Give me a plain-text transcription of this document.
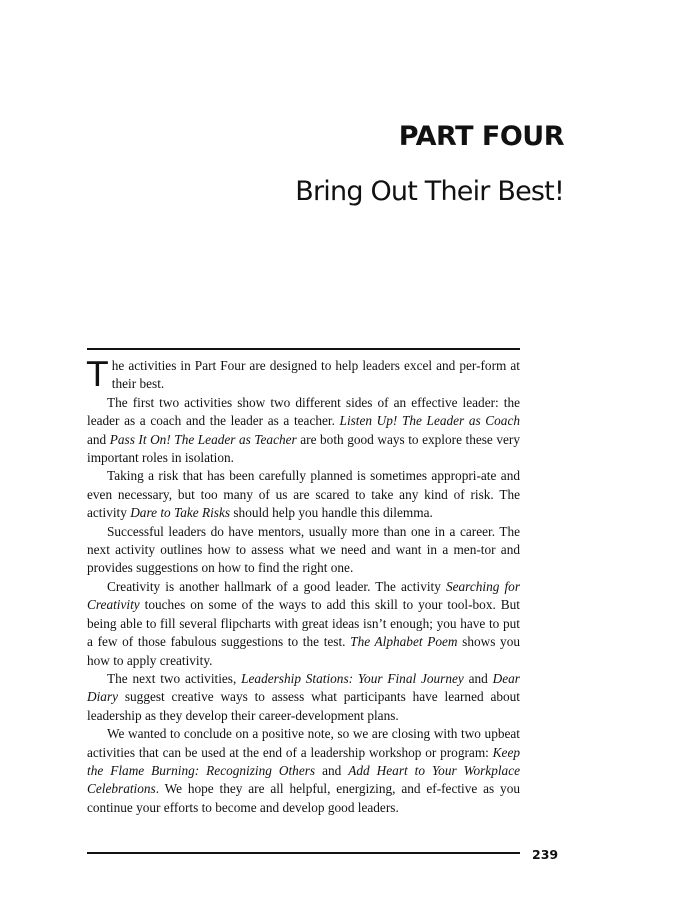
PART FOUR
Bring Out Their Best!

The activities in Part Four are designed to help leaders excel and per-form at their best.

The first two activities show two different sides of an effective leader: the leader as a coach and the leader as a teacher. Listen Up! The Leader as Coach and Pass It On! The Leader as Teacher are both good ways to explore these very important roles in isolation.

Taking a risk that has been carefully planned is sometimes appropri-ate and even necessary, but too many of us are scared to take any kind of risk. The activity Dare to Take Risks should help you handle this dilemma.

Successful leaders do have mentors, usually more than one in a career. The next activity outlines how to assess what we need and want in a men-tor and provides suggestions on how to find the right one.

Creativity is another hallmark of a good leader. The activity Searching for Creativity touches on some of the ways to add this skill to your tool-box. But being able to fill several flipcharts with great ideas isn’t enough; you have to put a few of those fabulous suggestions to the test. The Alphabet Poem shows you how to apply creativity.

The next two activities, Leadership Stations: Your Final Journey and Dear Diary suggest creative ways to assess what participants have learned about leadership as they develop their career-development plans.

We wanted to conclude on a positive note, so we are closing with two upbeat activities that can be used at the end of a leadership workshop or program: Keep the Flame Burning: Recognizing Others and Add Heart to Your Workplace Celebrations. We hope they are all helpful, energizing, and ef-fective as you continue your efforts to become and develop good leaders.

239
